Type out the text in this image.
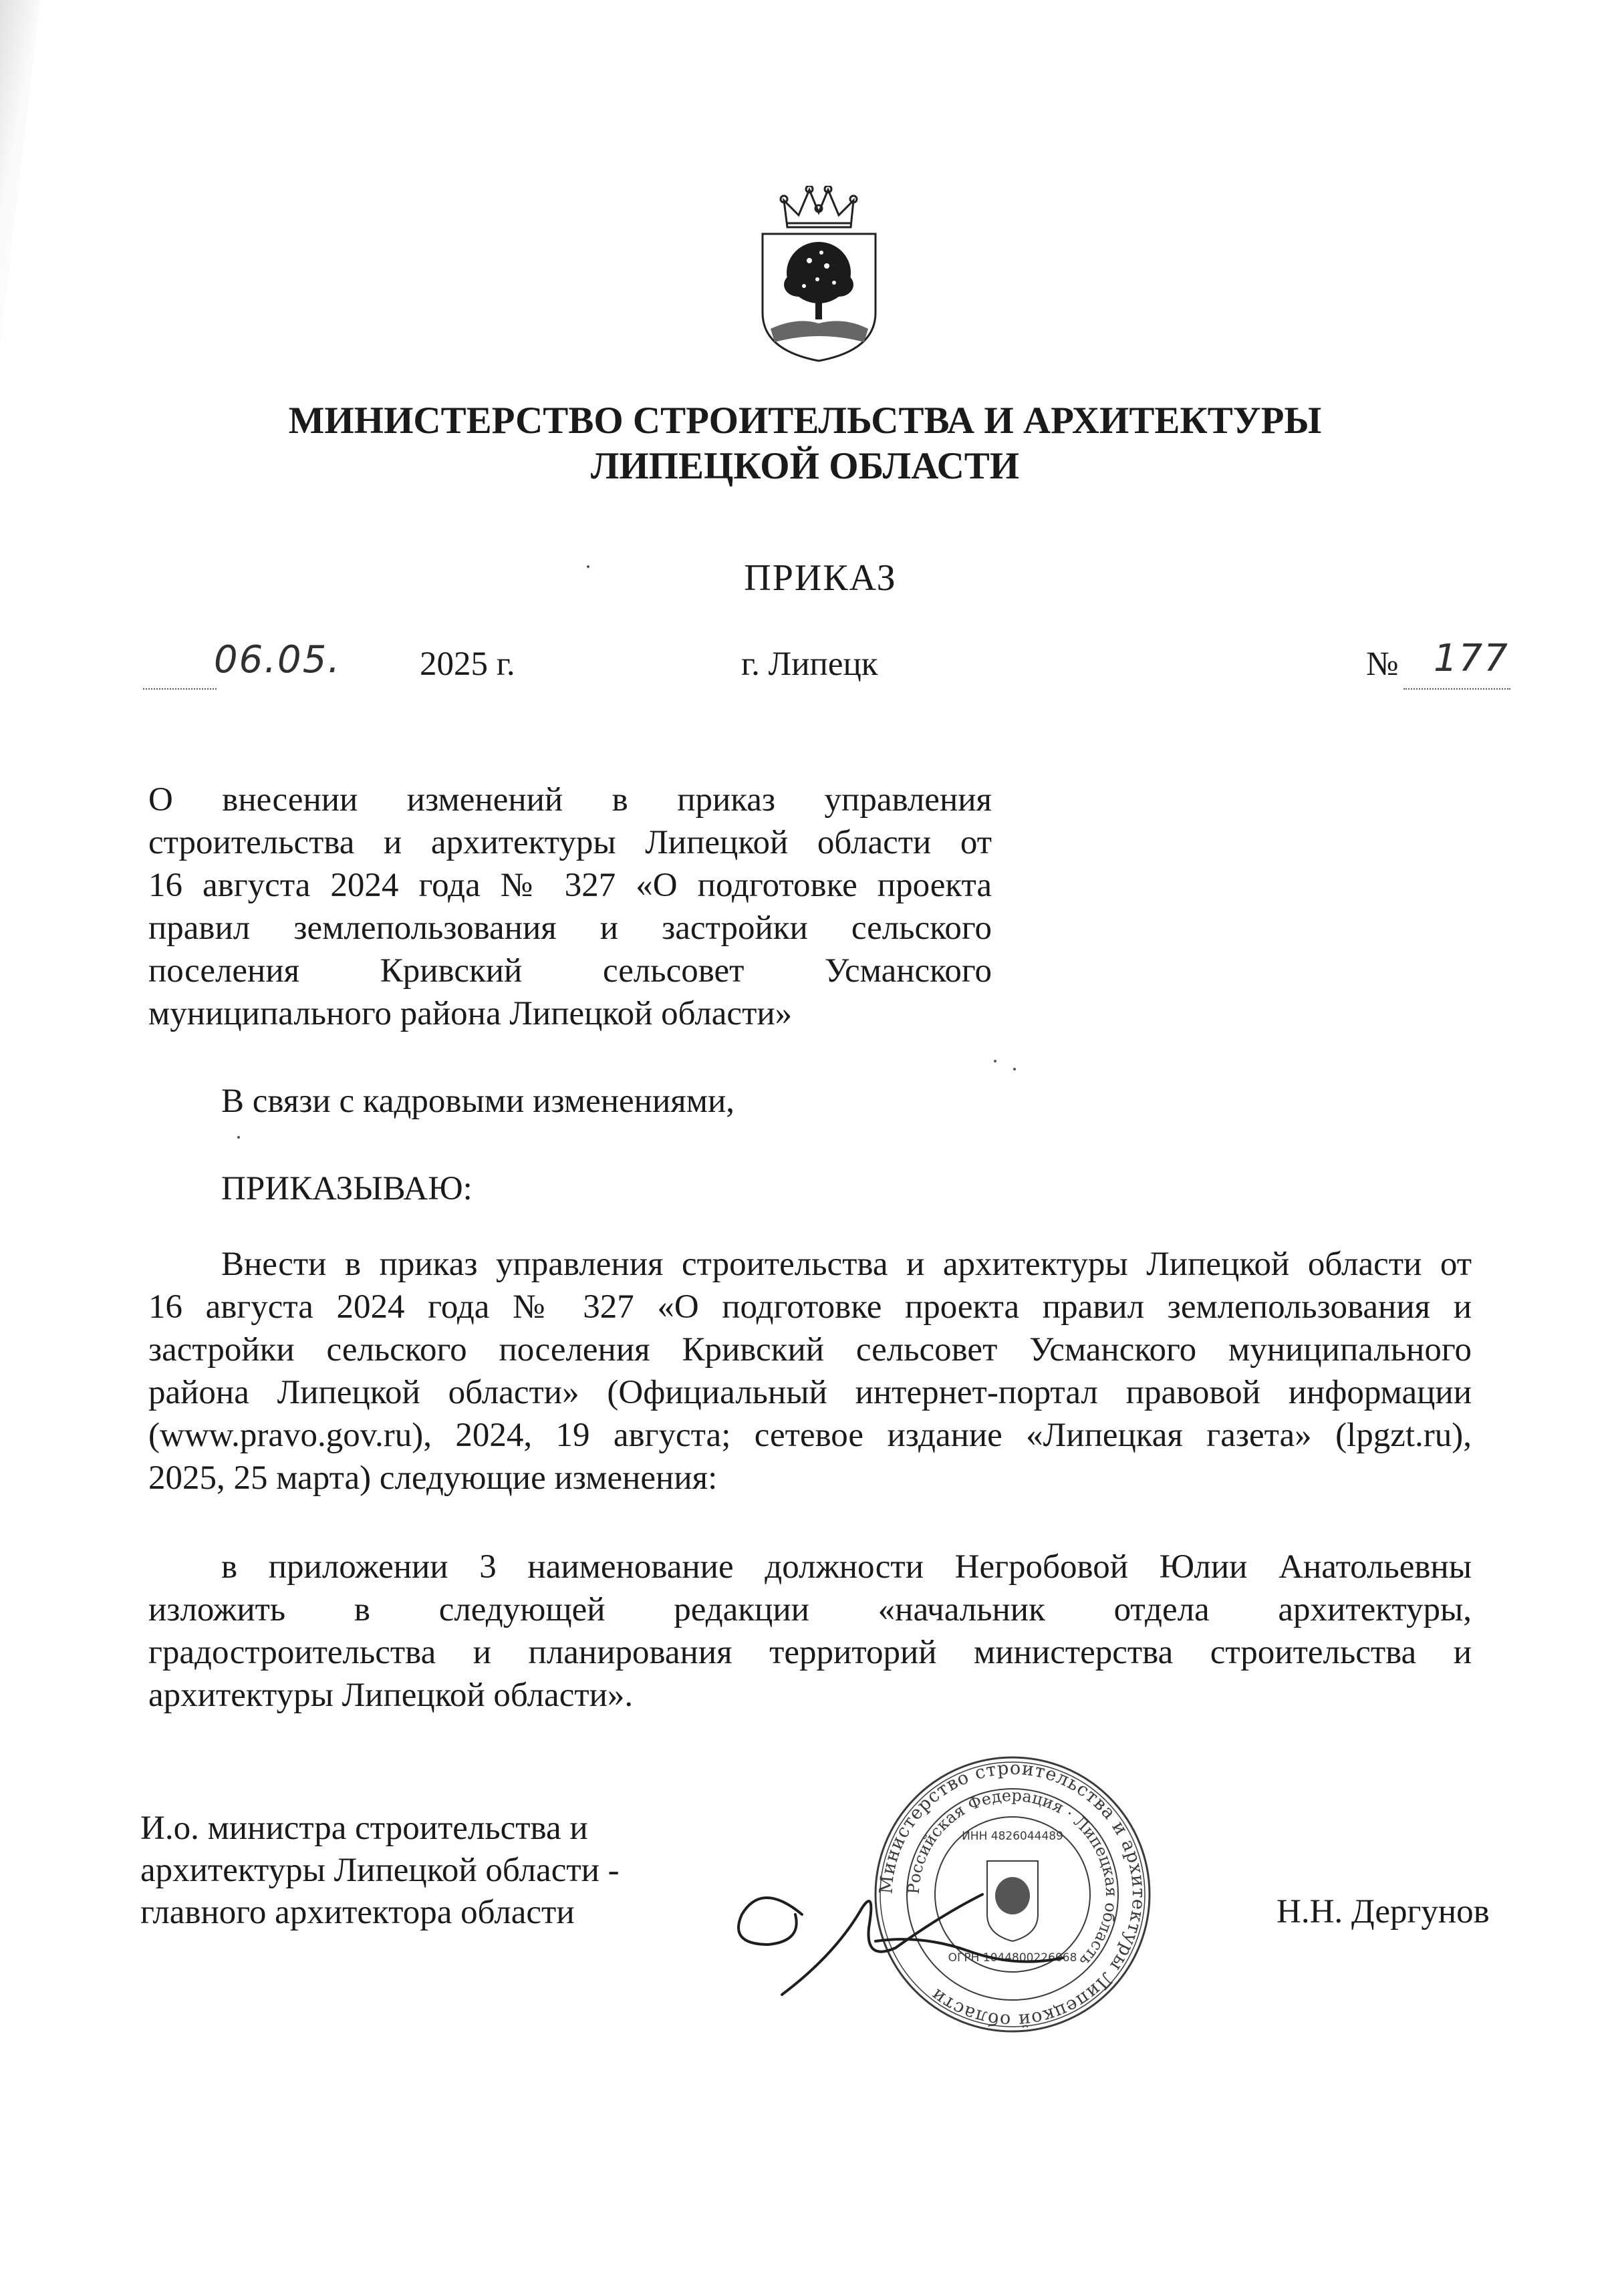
МИНИСТЕРСТВО СТРОИТЕЛЬСТВА И АРХИТЕКТУРЫ
ЛИПЕЦКОЙ ОБЛАСТИ
ПРИКАЗ
06.05. 2025 г.	г. Липецк	№ 177
О внесении изменений в приказ управления
строительства и архитектуры Липецкой области от
16 августа 2024 года № 327 «О подготовке проекта
правил землепользования и застройки сельского
поселения Кривский сельсовет Усманского
муниципального района Липецкой области»
В связи с кадровыми изменениями,
ПРИКАЗЫВАЮ:
Внести в приказ управления строительства и архитектуры Липецкой области от
16 августа 2024 года № 327 «О подготовке проекта правил землепользования и
застройки сельского поселения Кривский сельсовет Усманского муниципального
района Липецкой области» (Официальный интернет-портал правовой информации
(www.pravo.gov.ru), 2024, 19 августа; сетевое издание «Липецкая газета» (lpgzt.ru),
2025, 25 марта) следующие изменения:
в приложении 3 наименование должности Негробовой Юлии Анатольевны
изложить в следующей редакции «начальник отдела архитектуры,
градостроительства и планирования территорий министерства строительства и
архитектуры Липецкой области».
И.о. министра строительства и
архитектуры Липецкой области -
главного архитектора области
Министерство строительства и архитектуры Липецкой области
Российская Федерация · Липецкая область
ИНН 4826044489
ОГРН 1044800226068
Н.Н. Дергунов
